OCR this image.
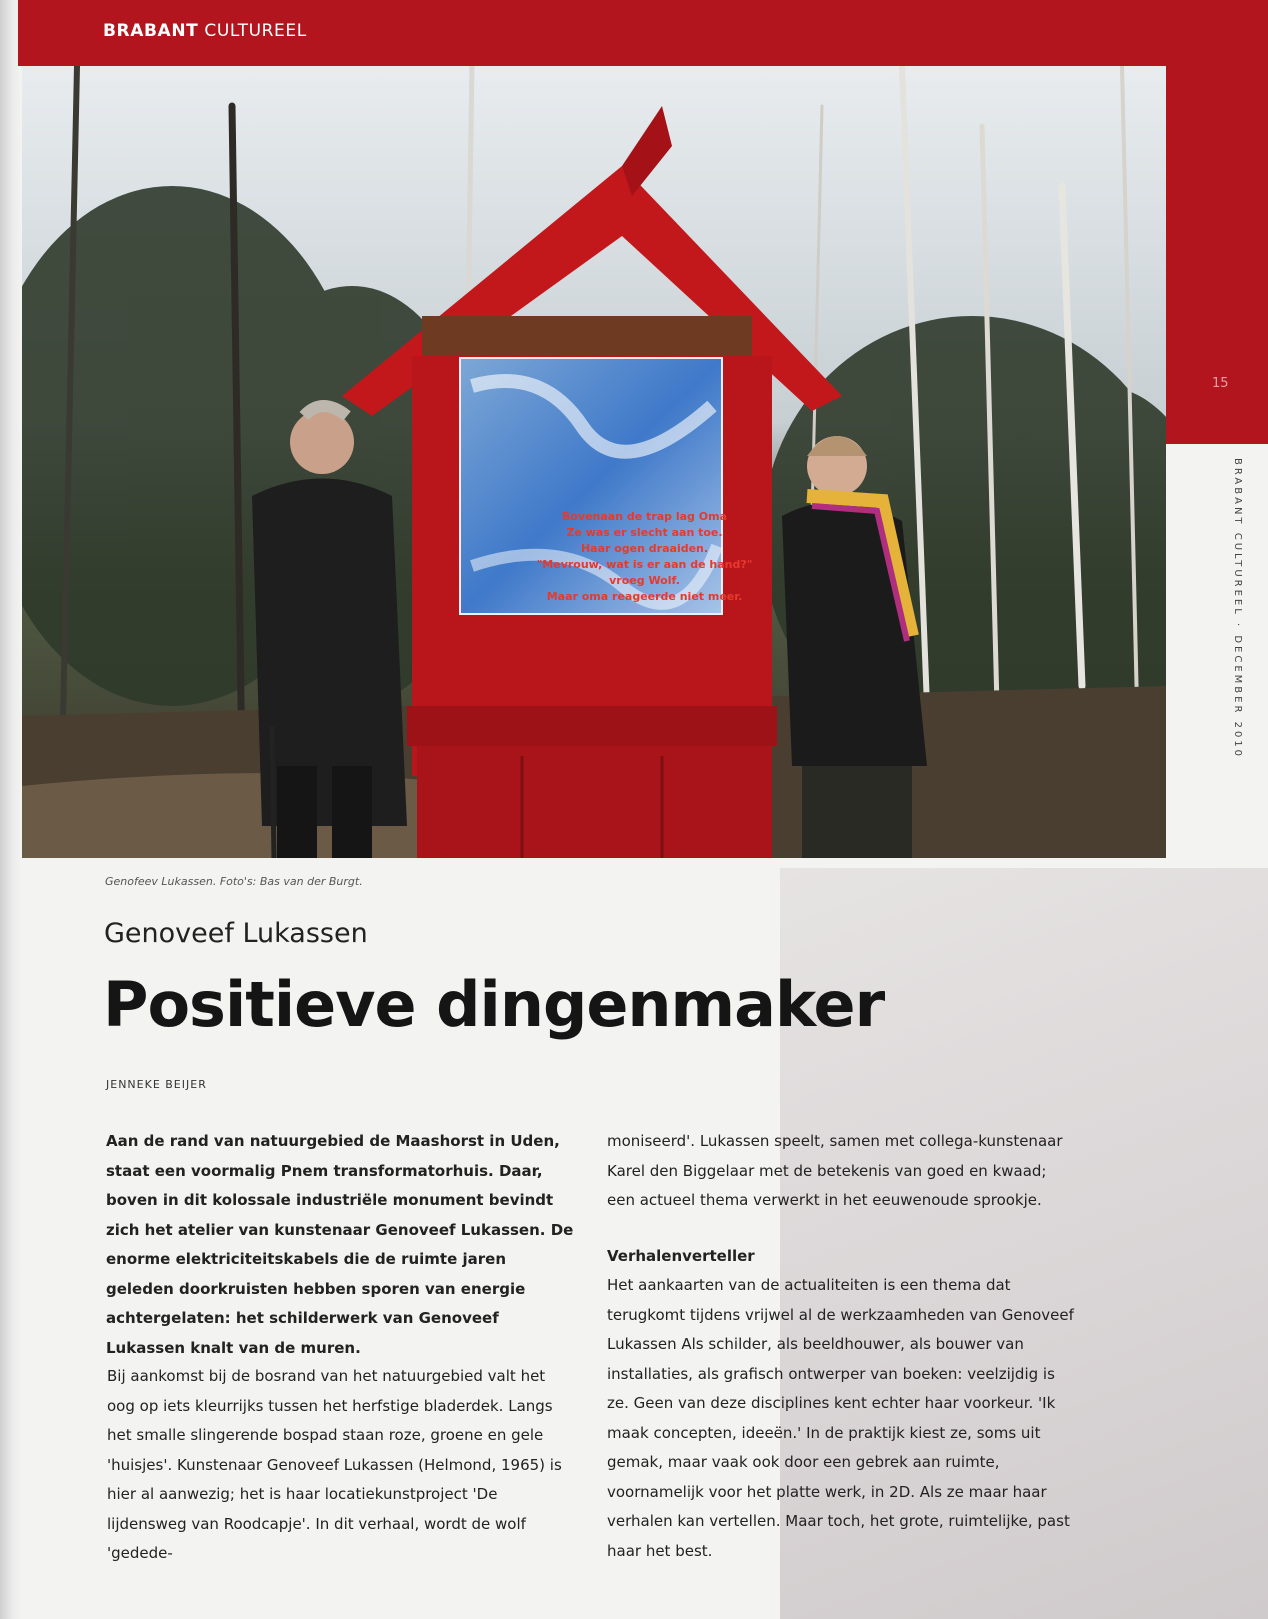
BRABANT CULTUREEL
15
BRABANT CULTUREEL · DECEMBER 2010
Bovenaan de trap lag Oma
Ze was er slecht aan toe.
Haar ogen draaiden.
"Mevrouw, wat is er aan de hand?"
vroeg Wolf.
Maar oma reageerde niet meer.
Genofeev Lukassen. Foto's: Bas van der Burgt.
Genoveef Lukassen
Positieve dingenmaker
JENNEKE BEIJER

Aan de rand van natuurgebied de Maashorst in Uden, staat een voormalig Pnem transformatorhuis. Daar, boven in dit kolossale industriële monument bevindt zich het atelier van kunstenaar Genoveef Lukassen. De enorme elektriciteitskabels die de ruimte jaren geleden doorkruisten hebben sporen van energie achtergelaten: het schilderwerk van Genoveef Lukassen knalt van de muren.

Bij aankomst bij de bosrand van het natuurgebied valt het oog op iets kleurrijks tussen het herfstige bladerdek. Langs het smalle slingerende bospad staan roze, groene en gele 'huisjes'. Kunstenaar Genoveef Lukassen (Helmond, 1965) is hier al aanwezig; het is haar locatiekunstproject 'De lijdensweg van Roodcapje'. In dit verhaal, wordt de wolf 'gedede-

moniseerd'. Lukassen speelt, samen met collega-kunstenaar Karel den Biggelaar met de betekenis van goed en kwaad; een actueel thema verwerkt in het eeuwenoude sprookje.

Verhalenverteller

Het aankaarten van de actualiteiten is een thema dat terugkomt tijdens vrijwel al de werkzaamheden van Genoveef Lukassen Als schilder, als beeldhouwer, als bouwer van installaties, als grafisch ontwerper van boeken: veelzijdig is ze. Geen van deze disciplines kent echter haar voorkeur. 'Ik maak concepten, ideeën.' In de praktijk kiest ze, soms uit gemak, maar vaak ook door een gebrek aan ruimte, voornamelijk voor het platte werk, in 2D. Als ze maar haar verhalen kan vertellen. Maar toch, het grote, ruimtelijke, past haar het best.
